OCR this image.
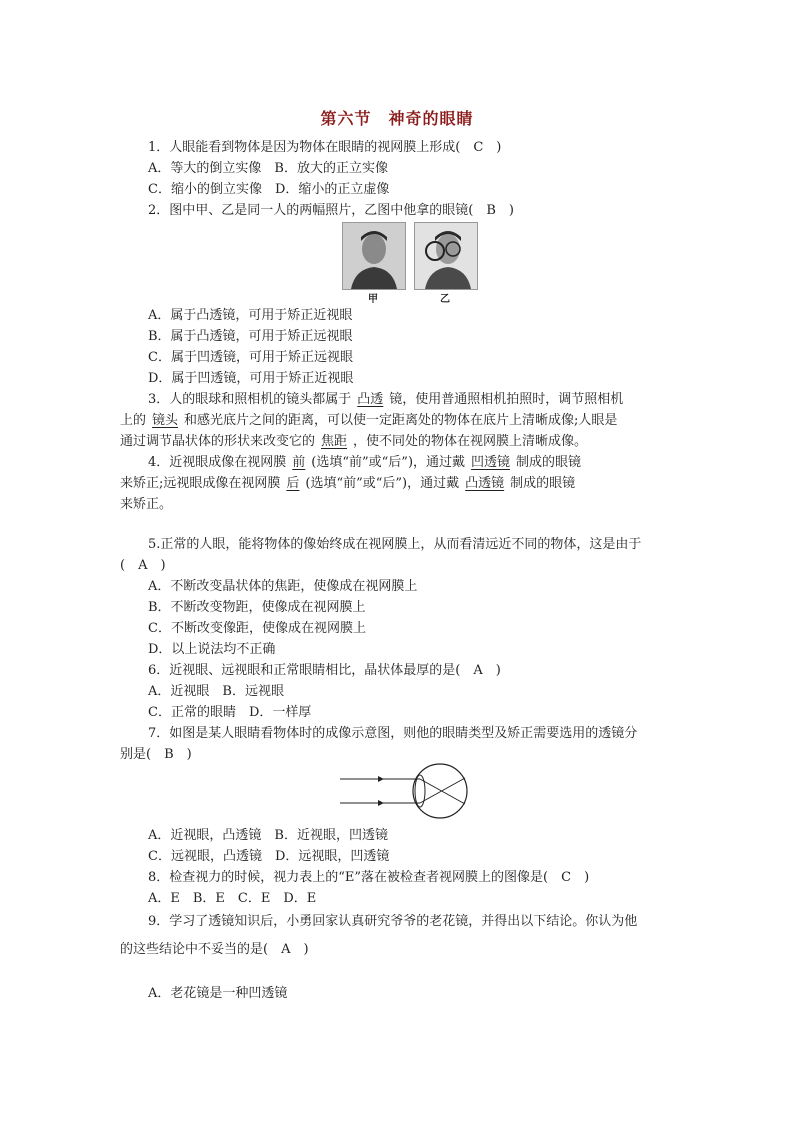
第六节　神奇的眼睛
1．人眼能看到物体是因为物体在眼睛的视网膜上形成(　C　)
A．等大的倒立实像　B．放大的正立实像
C．缩小的倒立实像　D．缩小的正立虚像
2．图中甲、乙是同一人的两幅照片，乙图中他拿的眼镜(　B　)
甲	乙
A．属于凸透镜，可用于矫正近视眼
B．属于凸透镜，可用于矫正远视眼
C．属于凹透镜，可用于矫正远视眼
D．属于凹透镜，可用于矫正近视眼
3．人的眼球和照相机的镜头都属于 凸透 镜，使用普通照相机拍照时，调节照相机
上的 镜头 和感光底片之间的距离，可以使一定距离处的物体在底片上清晰成像;人眼是
通过调节晶状体的形状来改变它的 焦距 ，使不同处的物体在视网膜上清晰成像。
4．近视眼成像在视网膜 前 (选填“前”或“后”)，通过戴 凹透镜 制成的眼镜
来矫正;远视眼成像在视网膜 后 (选填“前”或“后”)，通过戴 凸透镜 制成的眼镜
来矫正。
5.正常的人眼，能将物体的像始终成在视网膜上，从而看清远近不同的物体，这是由于
(　A　)
A．不断改变晶状体的焦距，使像成在视网膜上
B．不断改变物距，使像成在视网膜上
C．不断改变像距，使像成在视网膜上
D．以上说法均不正确
6．近视眼、远视眼和正常眼睛相比，晶状体最厚的是(　A　)
A．近视眼　B．远视眼
C．正常的眼睛　D．一样厚
7．如图是某人眼睛看物体时的成像示意图，则他的眼睛类型及矫正需要选用的透镜分
别是(　B　)
A．近视眼，凸透镜　B．近视眼，凹透镜
C．远视眼，凸透镜　D．远视眼，凹透镜
8．检查视力的时候，视力表上的“E”落在被检查者视网膜上的图像是(　C　)
A．E　B．E　C．E　D．E
9．学习了透镜知识后，小勇回家认真研究爷爷的老花镜，并得出以下结论。你认为他
的这些结论中不妥当的是(　A　)
A．老花镜是一种凹透镜
